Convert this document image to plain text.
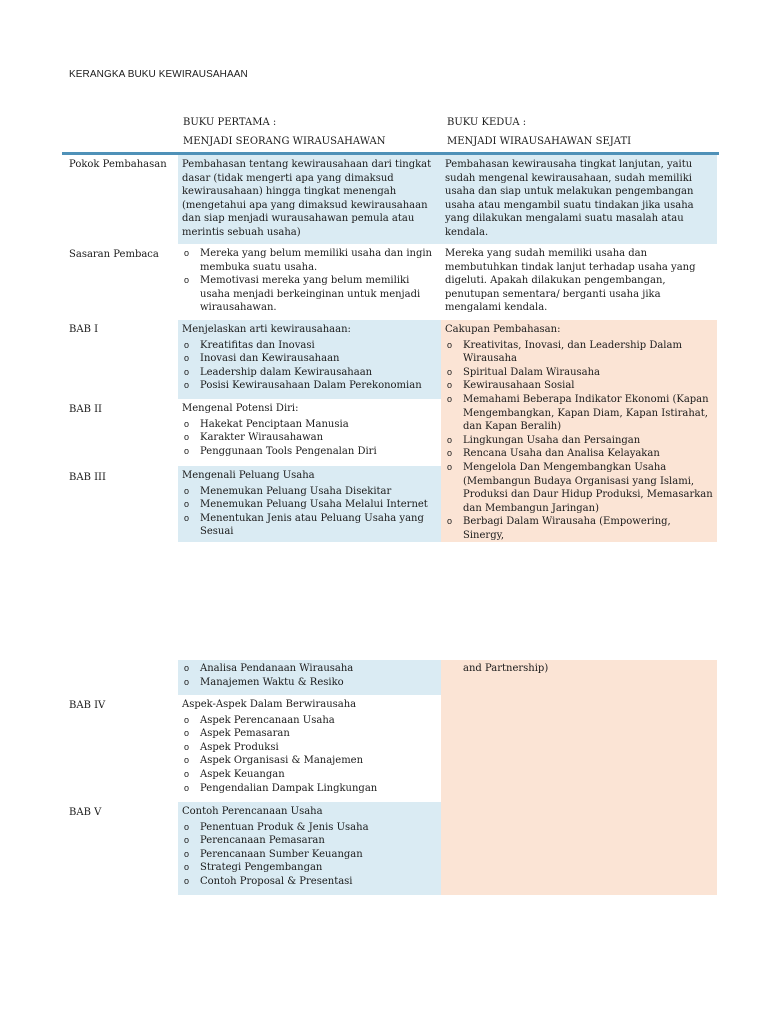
KERANGKA BUKU KEWIRAUSAHAAN
BUKU PERTAMA :
MENJADI SEORANG WIRAUSAHAWAN
BUKU KEDUA :
MENJADI WIRAUSAHAWAN SEJATI
Pokok Pembahasan
Sasaran Pembaca
BAB I
BAB II
BAB III
BAB IV
BAB V

Pembahasan tentang kewirausahaan dari tingkat dasar (tidak mengerti apa yang dimaksud kewirausahaan) hingga tingkat menengah (mengetahui apa yang dimaksud kewirausahaan dan siap menjadi wurausahawan pemula atau merintis sebuah usaha)

Pembahasan kewirausaha tingkat lanjutan, yaitu sudah mengenal kewirausahaan, sudah memiliki usaha dan siap untuk melakukan pengembangan usaha atau mengambil suatu tindakan jika usaha yang dilakukan mengalami suatu masalah atau kendala.

o Mereka yang belum memiliki usaha dan ingin membuka suatu usaha.
o Memotivasi mereka yang belum memiliki usaha menjadi berkeinginan untuk menjadi wirausahawan.

Mereka yang sudah memiliki usaha dan membutuhkan tindak lanjut terhadap usaha yang digeluti. Apakah dilakukan pengembangan, penutupan sementara/ berganti usaha jika mengalami kendala.

Menjelaskan arti kewirausahaan:

o Kreatifitas dan Inovasi
o Inovasi dan Kewirausahaan
o Leadership dalam Kewirausahaan
o Posisi Kewirausahaan Dalam Perekonomian

Mengenal Potensi Diri:

o Hakekat Penciptaan Manusia
o Karakter Wirausahawan
o Penggunaan Tools Pengenalan Diri

Mengenali Peluang Usaha

o Menemukan Peluang Usaha Disekitar
o Menemukan Peluang Usaha Melalui Internet
o Menentukan Jenis atau Peluang Usaha yang Sesuai

Cakupan Pembahasan:

o Kreativitas, Inovasi, dan Leadership Dalam Wirausaha
o Spiritual Dalam Wirausaha
o Kewirausahaan Sosial
o Memahami Beberapa Indikator Ekonomi (Kapan Mengembangkan, Kapan Diam, Kapan Istirahat, dan Kapan Beralih)
o Lingkungan Usaha dan Persaingan
o Rencana Usaha dan Analisa Kelayakan
o Mengelola Dan Mengembangkan Usaha (Membangun Budaya Organisasi yang Islami, Produksi dan Daur Hidup Produksi, Memasarkan dan Membangun Jaringan)
o Berbagi Dalam Wirausaha (Empowering, Sinergy,
o Analisa Pendanaan Wirausaha
o Manajemen Waktu & Resiko
and Partnership)

Aspek-Aspek Dalam Berwirausaha

o Aspek Perencanaan Usaha
o Aspek Pemasaran
o Aspek Produksi
o Aspek Organisasi & Manajemen
o Aspek Keuangan
o Pengendalian Dampak Lingkungan

Contoh Perencanaan Usaha

o Penentuan Produk & Jenis Usaha
o Perencanaan Pemasaran
o Perencanaan Sumber Keuangan
o Strategi Pengembangan
o Contoh Proposal & Presentasi
